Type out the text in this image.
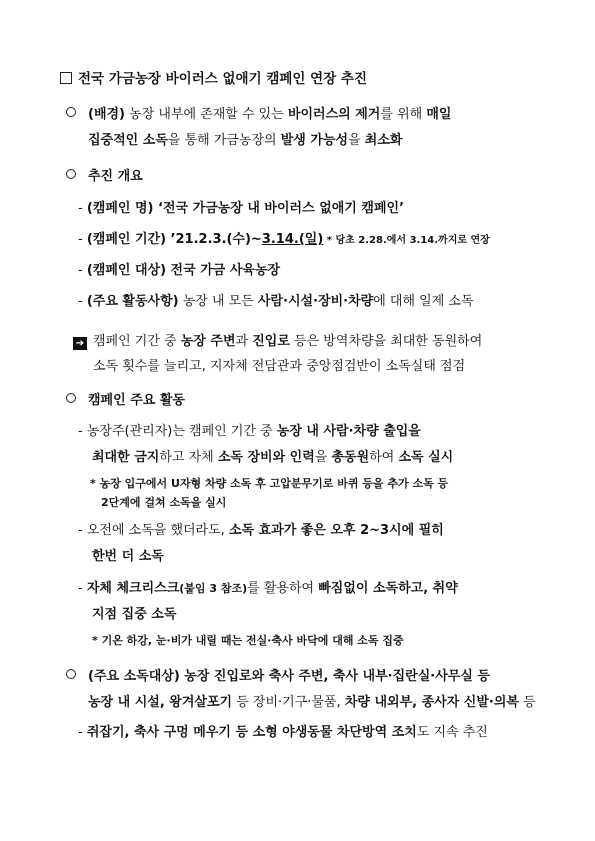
전국 가금농장 바이러스 없애기 캠페인 연장 추진
(배경) 농장 내부에 존재할 수 있는 바이러스의 제거를 위해 매일
집중적인 소독을 통해 가금농장의 발생 가능성을 최소화
추진 개요
- (캠페인 명) ‘전국 가금농장 내 바이러스 없애기 캠페인’
- (캠페인 기간) ’21.2.3.(수)~3.14.(일) * 당초 2.28.에서 3.14.까지로 연장
- (캠페인 대상) 전국 가금 사육농장
- (주요 활동사항) 농장 내 모든 사람·시설·장비·차량에 대해 일제 소독
➔ 캠페인 기간 중 농장 주변과 진입로 등은 방역차량을 최대한 동원하여
소독 횟수를 늘리고, 지자체 전담관과 중앙점검반이 소독실태 점검
캠페인 주요 활동
- 농장주(관리자)는 캠페인 기간 중 농장 내 사람·차량 출입을
최대한 금지하고 자체 소독 장비와 인력을 총동원하여 소독 실시
* 농장 입구에서 U자형 차량 소독 후 고압분무기로 바퀴 등을 추가 소독 등
2단계에 걸쳐 소독을 실시
- 오전에 소독을 했더라도, 소독 효과가 좋은 오후 2~3시에 필히
한번 더 소독
- 자체 체크리스크(붙임 3 참조)를 활용하여 빠짐없이 소독하고, 취약
지점 집중 소독
* 기온 하강, 눈·비가 내릴 때는 전실·축사 바닥에 대해 소독 집중
(주요 소독대상) 농장 진입로와 축사 주변, 축사 내부·집란실·사무실 등
농장 내 시설, 왕겨살포기 등 장비·기구·물품, 차량 내외부, 종사자 신발·의복 등
- 쥐잡기, 축사 구멍 메우기 등 소형 야생동물 차단방역 조치도 지속 추진
